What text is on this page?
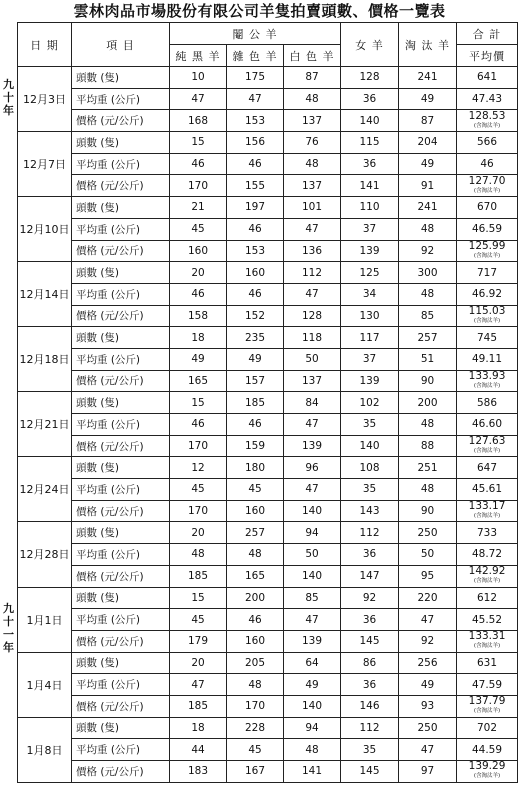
雲林肉品市場股份有限公司羊隻拍賣頭數、價格一覽表
九
十
年
九
十
一
年
日 期	項 目	閹 公 羊			女 羊	淘 汰 羊	合 計
		純 黑 羊	雜 色 羊	白 色 羊			平均價
12月3日	頭數 (隻)	10	175	87	128	241	641
	平均重 (公斤)	47	47	48	36	49	47.43
	價格 (元/公斤)	168	153	137	140	87	128.53
(含淘汰羊)

12月7日	頭數 (隻)	15	156	76	115	204	566
	平均重 (公斤)	46	46	48	36	49	46
	價格 (元/公斤)	170	155	137	141	91	127.70
(含淘汰羊)

12月10日	頭數 (隻)	21	197	101	110	241	670
	平均重 (公斤)	45	46	47	37	48	46.59
	價格 (元/公斤)	160	153	136	139	92	125.99
(含淘汰羊)

12月14日	頭數 (隻)	20	160	112	125	300	717
	平均重 (公斤)	46	46	47	34	48	46.92
	價格 (元/公斤)	158	152	128	130	85	115.03
(含淘汰羊)

12月18日	頭數 (隻)	18	235	118	117	257	745
	平均重 (公斤)	49	49	50	37	51	49.11
	價格 (元/公斤)	165	157	137	139	90	133.93
(含淘汰羊)

12月21日	頭數 (隻)	15	185	84	102	200	586
	平均重 (公斤)	46	46	47	35	48	46.60
	價格 (元/公斤)	170	159	139	140	88	127.63
(含淘汰羊)

12月24日	頭數 (隻)	12	180	96	108	251	647
	平均重 (公斤)	45	45	47	35	48	45.61
	價格 (元/公斤)	170	160	140	143	90	133.17
(含淘汰羊)

12月28日	頭數 (隻)	20	257	94	112	250	733
	平均重 (公斤)	48	48	50	36	50	48.72
	價格 (元/公斤)	185	165	140	147	95	142.92
(含淘汰羊)

1月1日	頭數 (隻)	15	200	85	92	220	612
	平均重 (公斤)	45	46	47	36	47	45.52
	價格 (元/公斤)	179	160	139	145	92	133.31
(含淘汰羊)

1月4日	頭數 (隻)	20	205	64	86	256	631
	平均重 (公斤)	47	48	49	36	49	47.59
	價格 (元/公斤)	185	170	140	146	93	137.79
(含淘汰羊)

1月8日	頭數 (隻)	18	228	94	112	250	702
	平均重 (公斤)	44	45	48	35	47	44.59
	價格 (元/公斤)	183	167	141	145	97	139.29
(含淘汰羊)
